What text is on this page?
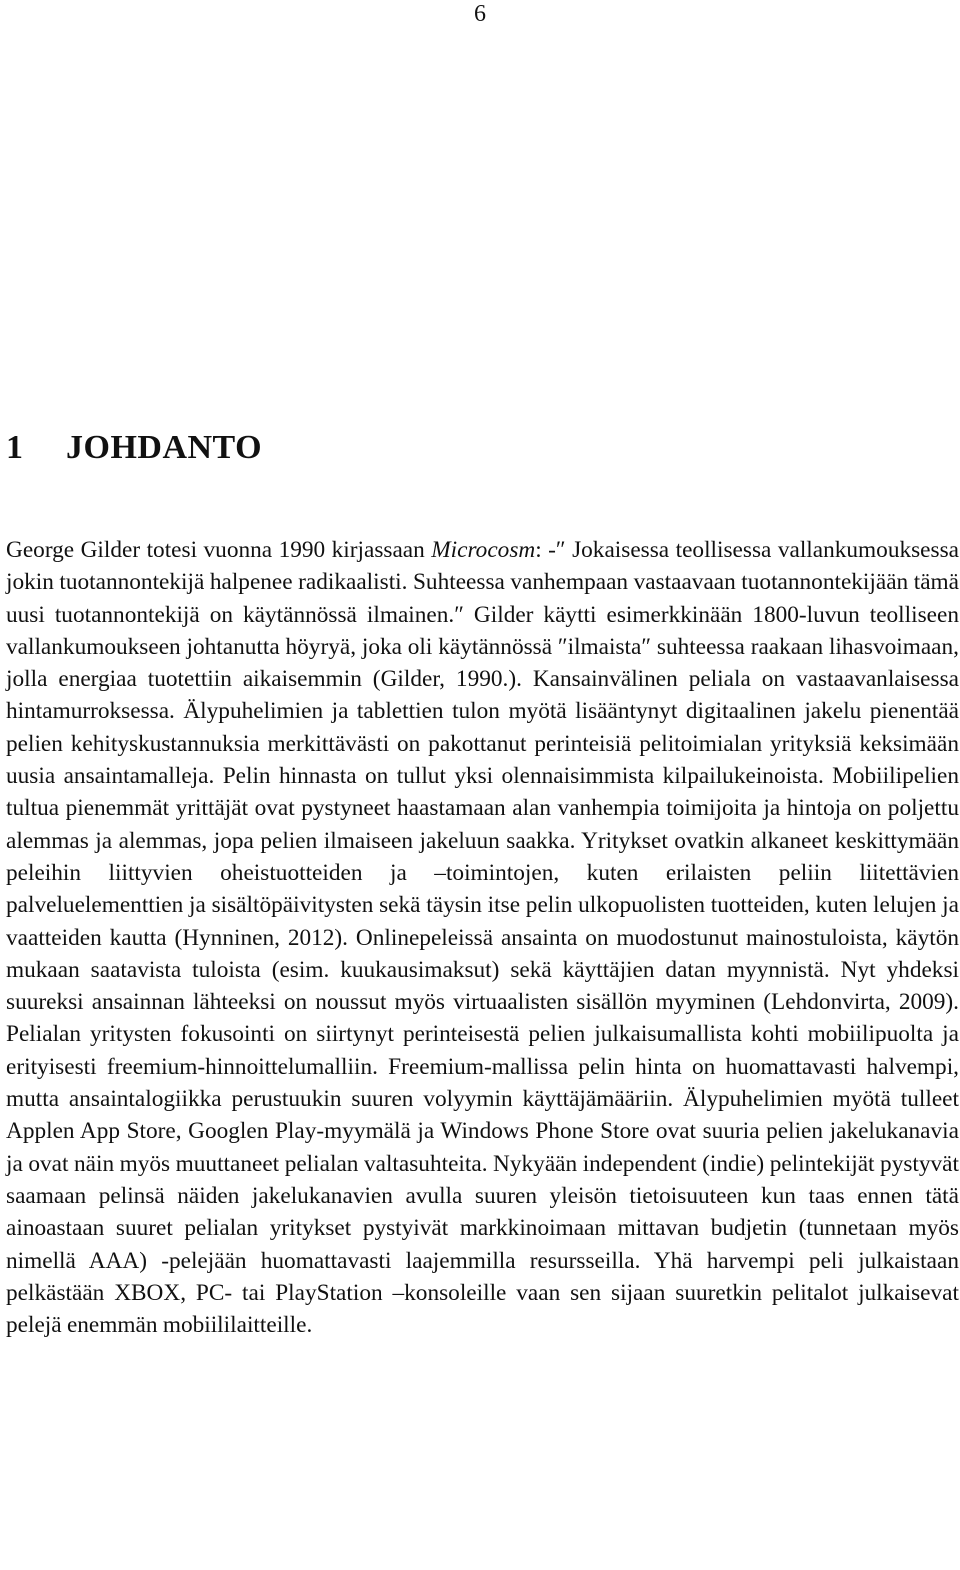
6
1 JOHDANTO

George Gilder totesi vuonna 1990 kirjassaan Microcosm: -″ Jokaisessa teollisessa vallankumouksessa jokin tuotannontekijä halpenee radikaalisti. Suhteessa vanhempaan vastaavaan tuotannontekijään tämä uusi tuotannontekijä on käytännössä ilmainen.″ Gilder käytti esimerkkinään 1800-luvun teolliseen vallankumoukseen johtanutta höyryä, joka oli käytännössä ″ilmaista″ suhteessa raakaan lihasvoimaan, jolla energiaa tuotettiin aikaisemmin (Gilder, 1990.). Kansainvälinen peliala on vastaavanlaisessa hintamurroksessa. Älypuhelimien ja tablettien tulon myötä lisääntynyt digitaalinen jakelu pienentää pelien kehityskustannuksia merkittävästi on pakottanut perinteisiä pelitoimialan yrityksiä keksimään uusia ansaintamalleja. Pelin hinnasta on tullut yksi olennaisimmista kilpailukeinoista. Mobiilipelien tultua pienemmät yrittäjät ovat pystyneet haastamaan alan vanhempia toimijoita ja hintoja on poljettu alemmas ja alemmas, jopa pelien ilmaiseen jakeluun saakka. Yritykset ovatkin alkaneet keskittymään peleihin liittyvien oheistuotteiden ja –toimintojen, kuten erilaisten peliin liitettävien palveluelementtien ja sisältöpäivitysten sekä täysin itse pelin ulkopuolisten tuotteiden, kuten lelujen ja vaatteiden kautta (Hynninen, 2012). Onlinepeleissä ansainta on muodostunut mainostuloista, käytön mukaan saatavista tuloista (esim. kuukausimaksut) sekä käyttäjien datan myynnistä. Nyt yhdeksi suureksi ansainnan lähteeksi on noussut myös virtuaalisten sisällön myyminen (Lehdonvirta, 2009). Pelialan yritysten fokusointi on siirtynyt perinteisestä pelien julkaisumallista kohti mobiilipuolta ja erityisesti freemium-hinnoittelumalliin. Freemium-mallissa pelin hinta on huomattavasti halvempi, mutta ansaintalogiikka perustuukin suuren volyymin käyttäjämääriin. Älypuhelimien myötä tulleet Applen App Store, Googlen Play-myymälä ja Windows Phone Store ovat suuria pelien jakelukanavia ja ovat näin myös muuttaneet pelialan valtasuhteita. Nykyään independent (indie) pelintekijät pystyvät saamaan pelinsä näiden jakelukanavien avulla suuren yleisön tietoisuuteen kun taas ennen tätä ainoastaan suuret pelialan yritykset pystyivät markkinoimaan mittavan budjetin (tunnetaan myös nimellä AAA) -pelejään huomattavasti laajemmilla resursseilla. Yhä harvempi peli julkaistaan pelkästään XBOX, PC- tai PlayStation –konsoleille vaan sen sijaan suuretkin pelitalot julkaisevat pelejä enemmän mobiililaitteille.
